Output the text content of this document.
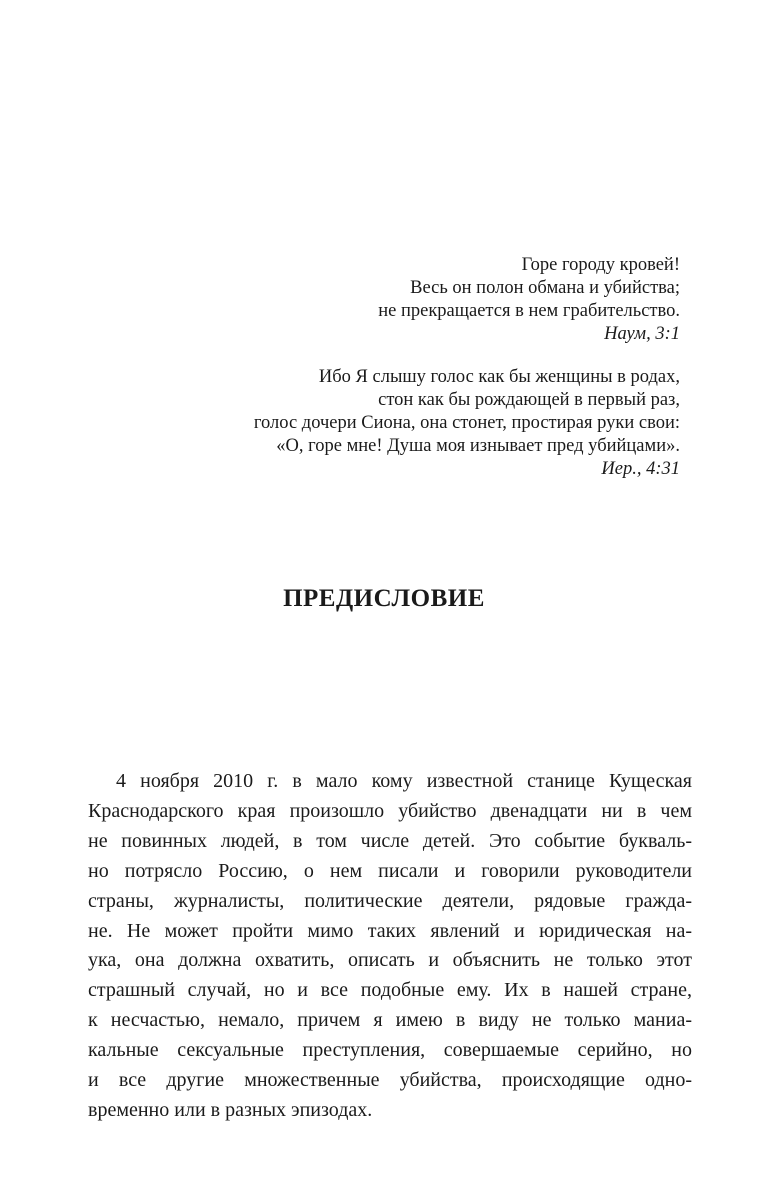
Горе городу кровей!
Весь он полон обмана и убийства;
не прекращается в нем грабительство.
Наум, 3:1
Ибо Я слышу голос как бы женщины в родах,
стон как бы рождающей в первый раз,
голос дочери Сиона, она стонет, простирая руки свои:
«О, горе мне! Душа моя изнывает пред убийцами».
Иер., 4:31
ПРЕДИСЛОВИЕ
4 ноября 2010 г. в мало кому известной станице Кущеская
Краснодарского края произошло убийство двенадцати ни в чем
не повинных людей, в том числе детей. Это событие букваль-
но потрясло Россию, о нем писали и говорили руководители
страны, журналисты, политические деятели, рядовые гражда-
не. Не может пройти мимо таких явлений и юридическая на-
ука, она должна охватить, описать и объяснить не только этот
страшный случай, но и все подобные ему. Их в нашей стране,
к несчастью, немало, причем я имею в виду не только маниа-
кальные сексуальные преступления, совершаемые серийно, но
и все другие множественные убийства, происходящие одно-
временно или в разных эпизодах.
